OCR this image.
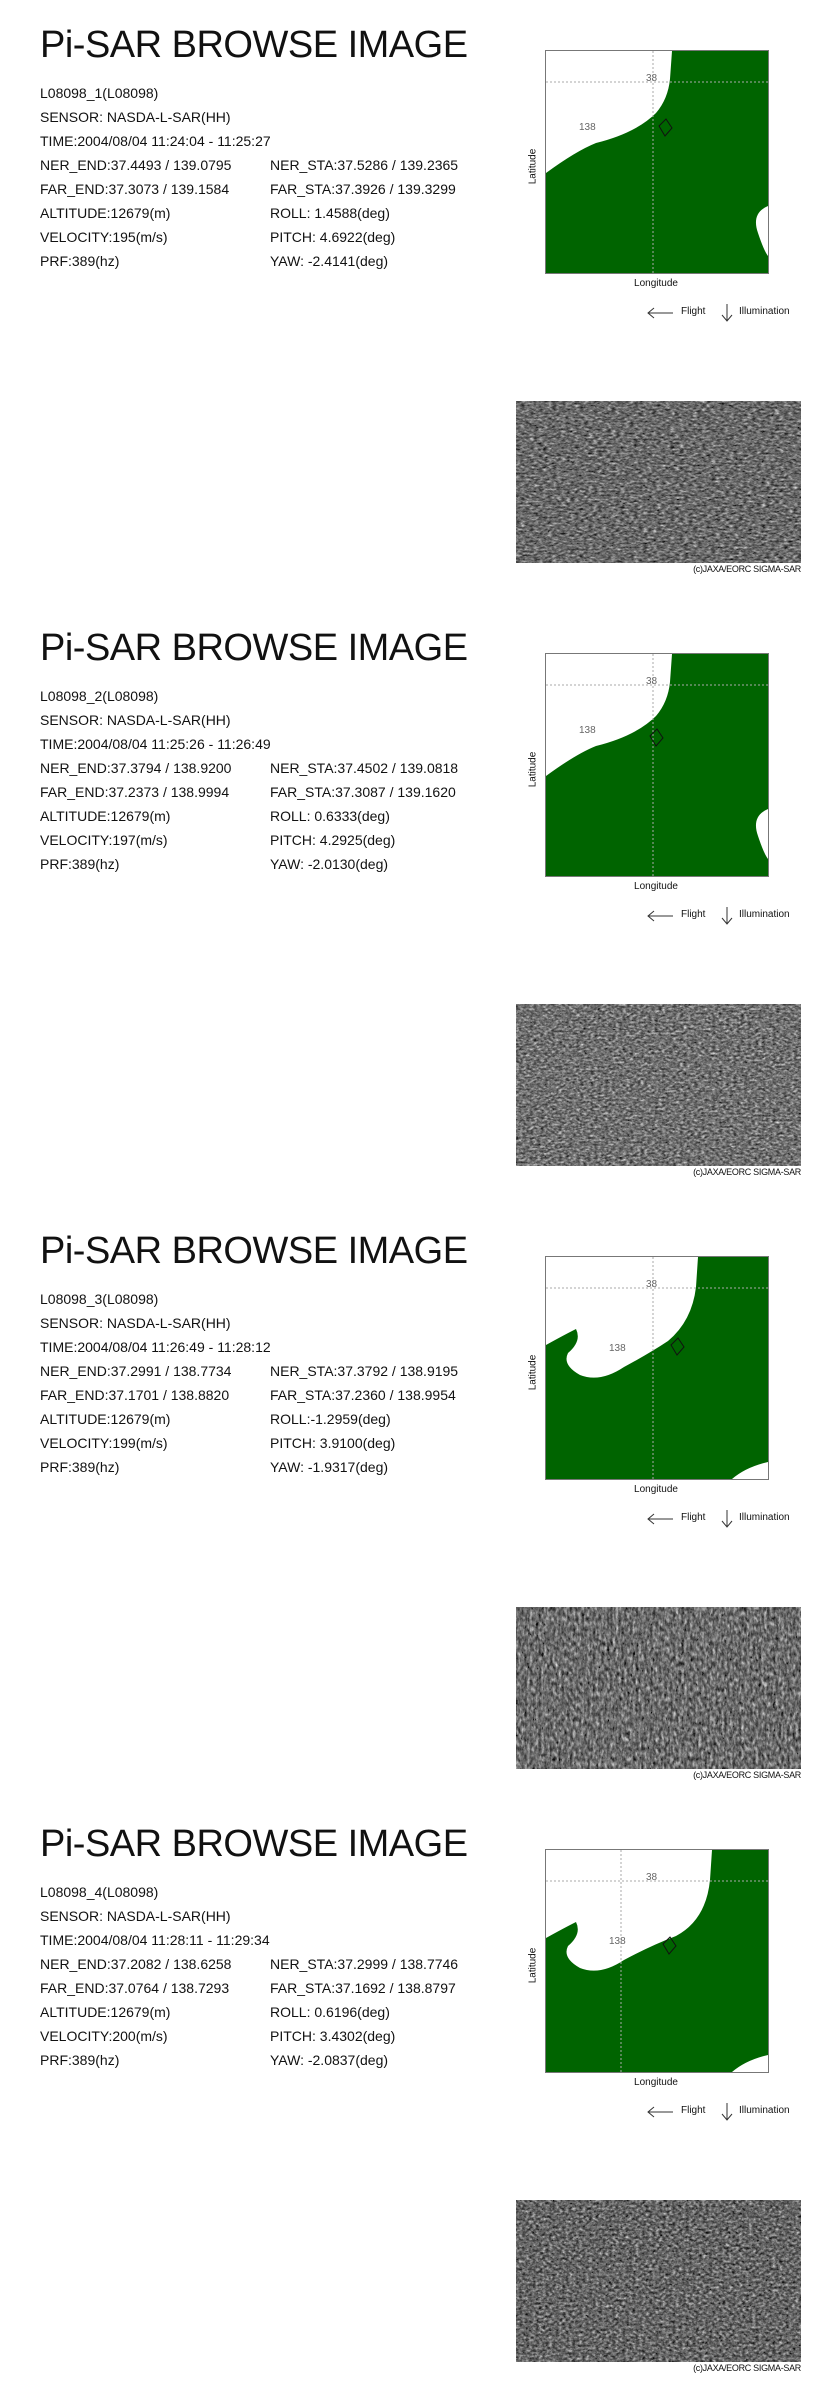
Pi-SAR BROWSE IMAGE
L08098_1(L08098)
SENSOR: NASDA-L-SAR(HH)
TIME:2004/08/04 11:24:04 - 11:25:27
NER_END:37.4493 / 139.0795	NER_STA:37.5286 / 139.2365
FAR_END:37.3073 / 139.1584	FAR_STA:37.3926 / 139.3299
ALTITUDE:12679(m)	ROLL: 1.4588(deg)
VELOCITY:195(m/s)	PITCH: 4.6922(deg)
PRF:389(hz)	YAW: -2.4141(deg)
38
138
Latitude
Longitude
Flight	Illumination
(c)JAXA/EORC SIGMA-SAR
Pi-SAR BROWSE IMAGE
L08098_2(L08098)
SENSOR: NASDA-L-SAR(HH)
TIME:2004/08/04 11:25:26 - 11:26:49
NER_END:37.3794 / 138.9200	NER_STA:37.4502 / 139.0818
FAR_END:37.2373 / 138.9994	FAR_STA:37.3087 / 139.1620
ALTITUDE:12679(m)	ROLL: 0.6333(deg)
VELOCITY:197(m/s)	PITCH: 4.2925(deg)
PRF:389(hz)	YAW: -2.0130(deg)
38
138
Latitude
Longitude
Flight	Illumination
(c)JAXA/EORC SIGMA-SAR
Pi-SAR BROWSE IMAGE
L08098_3(L08098)
SENSOR: NASDA-L-SAR(HH)
TIME:2004/08/04 11:26:49 - 11:28:12
NER_END:37.2991 / 138.7734	NER_STA:37.3792 / 138.9195
FAR_END:37.1701 / 138.8820	FAR_STA:37.2360 / 138.9954
ALTITUDE:12679(m)	ROLL:-1.2959(deg)
VELOCITY:199(m/s)	PITCH: 3.9100(deg)
PRF:389(hz)	YAW: -1.9317(deg)
38
138
Latitude
Longitude
Flight	Illumination
(c)JAXA/EORC SIGMA-SAR
Pi-SAR BROWSE IMAGE
L08098_4(L08098)
SENSOR: NASDA-L-SAR(HH)
TIME:2004/08/04 11:28:11 - 11:29:34
NER_END:37.2082 / 138.6258	NER_STA:37.2999 / 138.7746
FAR_END:37.0764 / 138.7293	FAR_STA:37.1692 / 138.8797
ALTITUDE:12679(m)	ROLL: 0.6196(deg)
VELOCITY:200(m/s)	PITCH: 3.4302(deg)
PRF:389(hz)	YAW: -2.0837(deg)
38
138
Latitude
Longitude
Flight	Illumination
(c)JAXA/EORC SIGMA-SAR
